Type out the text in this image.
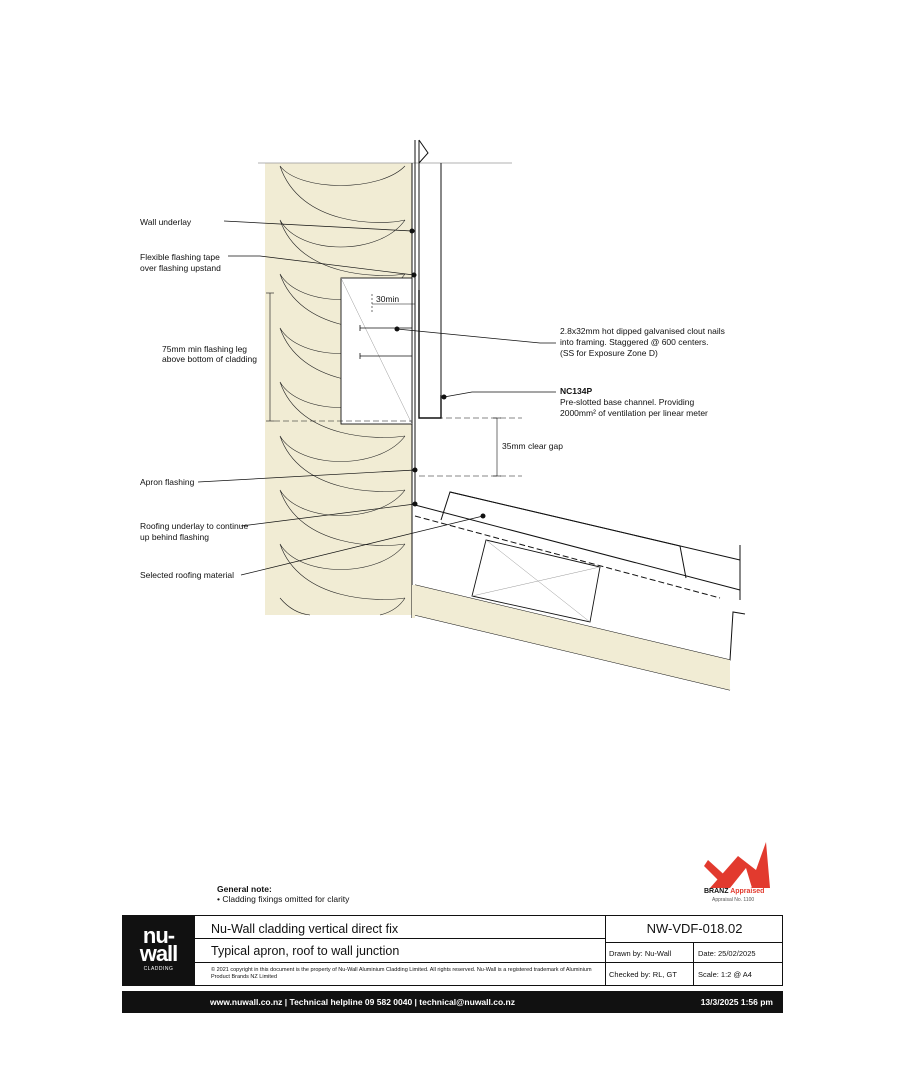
30min
Wall underlay
Flexible flashing tape
over flashing upstand
75mm min flashing leg
above bottom of cladding
2.8x32mm hot dipped galvanised clout nails
into framing. Staggered @ 600 centers.
(SS for Exposure Zone D)
NC134P
Pre-slotted base channel. Providing
2000mm² of ventilation per linear meter
35mm clear gap
Apron flashing
Roofing underlay to continue
up behind flashing
Selected roofing material
General note:
• Cladding fixings omitted for clarity
BRANZ Appraised
Appraisal No. 1100
nu-
wall
CLADDING
Nu-Wall cladding vertical direct fix
Typical apron, roof to wall junction
© 2021 copyright in this document is the property of Nu-Wall Aluminium Cladding Limited. All rights reserved. Nu-Wall is a registered trademark of Aluminium Product Brands NZ Limited
NW-VDF-018.02
Drawn by: Nu-Wall	Date: 25/02/2025
Checked by: RL, GT	Scale: 1:2 @ A4
www.nuwall.co.nz | Technical helpline 09 582 0040 | technical@nuwall.co.nz	13/3/2025 1:56 pm
